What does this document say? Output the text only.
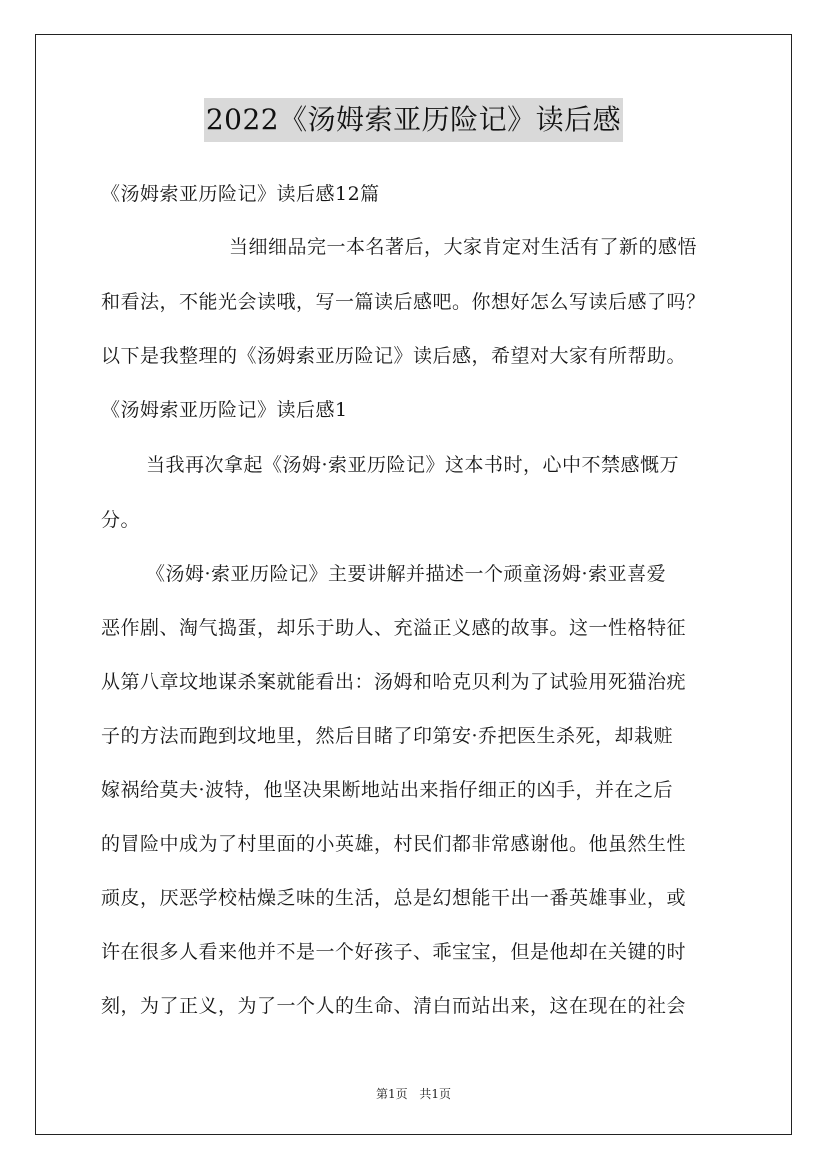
2022《汤姆索亚历险记》读后感
《汤姆索亚历险记》读后感12篇
当细细品完一本名著后，大家肯定对生活有了新的感悟
和看法，不能光会读哦，写一篇读后感吧。你想好怎么写读后感了吗？
以下是我整理的《汤姆索亚历险记》读后感，希望对大家有所帮助。
《汤姆索亚历险记》读后感1
当我再次拿起《汤姆·索亚历险记》这本书时，心中不禁感慨万
分。
《汤姆·索亚历险记》主要讲解并描述一个顽童汤姆·索亚喜爱
恶作剧、淘气捣蛋，却乐于助人、充溢正义感的故事。这一性格特征
从第八章坟地谋杀案就能看出：汤姆和哈克贝利为了试验用死猫治疣
子的方法而跑到坟地里，然后目睹了印第安·乔把医生杀死，却栽赃
嫁祸给莫夫·波特，他坚决果断地站出来指仔细正的凶手，并在之后
的冒险中成为了村里面的小英雄，村民们都非常感谢他。他虽然生性
顽皮，厌恶学校枯燥乏味的生活，总是幻想能干出一番英雄事业，或
许在很多人看来他并不是一个好孩子、乖宝宝，但是他却在关键的时
刻，为了正义，为了一个人的生命、清白而站出来，这在现在的社会
第1页 共1页
